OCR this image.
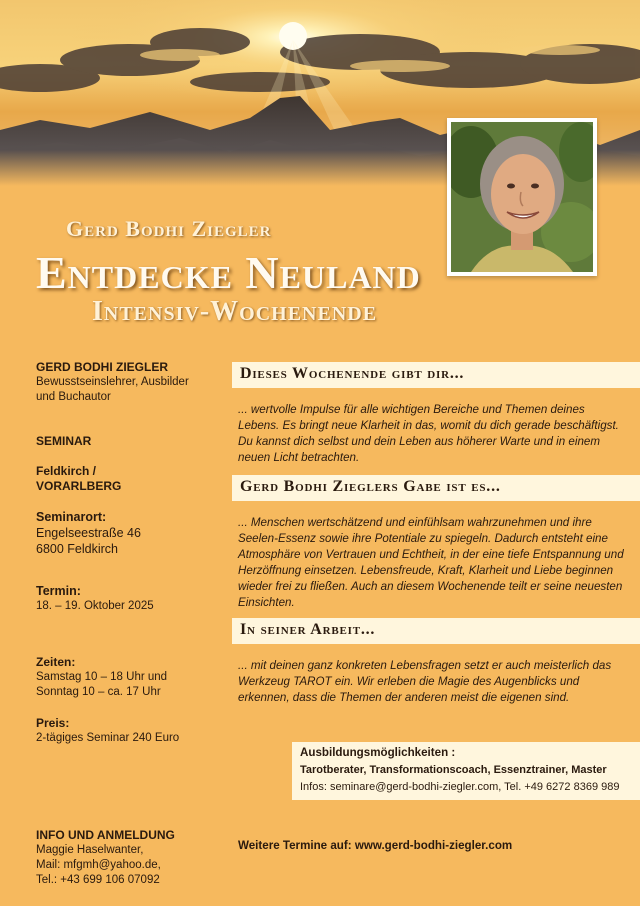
Gerd Bodhi Ziegler
Entdecke Neuland
Intensiv-Wochenende
GERD BODHI ZIEGLER
Bewusstseinslehrer, Ausbilder
und Buchautor
SEMINAR
Feldkirch /
VORARLBERG
Seminarort:
Engelseestraße 46
6800 Feldkirch
Termin:
18. – 19. Oktober 2025
Zeiten:
Samstag 10 – 18 Uhr und
Sonntag 10 – ca. 17 Uhr
Preis:
2-tägiges Seminar 240 Euro
INFO UND ANMELDUNG
Maggie Haselwanter,
Mail: mfgmh@yahoo.de,
Tel.: +43 699 106 07092
Dieses Wochenende gibt dir...
... wertvolle Impulse für alle wichtigen Bereiche und Themen deines Lebens. Es bringt neue Klarheit in das, womit du dich gerade beschäftigst. Du kannst dich selbst und dein Leben aus höherer Warte und in einem neuen Licht betrachten.
Gerd Bodhi Zieglers Gabe ist es...
... Menschen wertschätzend und einfühlsam wahrzunehmen und ihre Seelen-Essenz sowie ihre Potentiale zu spiegeln. Dadurch entsteht eine Atmosphäre von Vertrauen und Echtheit, in der eine tiefe Entspannung und Herzöffnung einsetzen. Lebensfreude, Kraft, Klarheit und Liebe beginnen wieder frei zu fließen. Auch an diesem Wochenende teilt er seine neuesten Einsichten.
In seiner Arbeit...
... mit deinen ganz konkreten Lebensfragen setzt er auch meisterlich das Werkzeug TAROT ein. Wir erleben die Magie des Augenblicks und erkennen, dass die Themen der anderen meist die eigenen sind.
Ausbildungsmöglichkeiten :
Tarotberater, Transformationscoach, Essenztrainer, Master
Infos: seminare@gerd-bodhi-ziegler.com, Tel. +49 6272 8369 989
Weitere Termine auf: www.gerd-bodhi-ziegler.com
